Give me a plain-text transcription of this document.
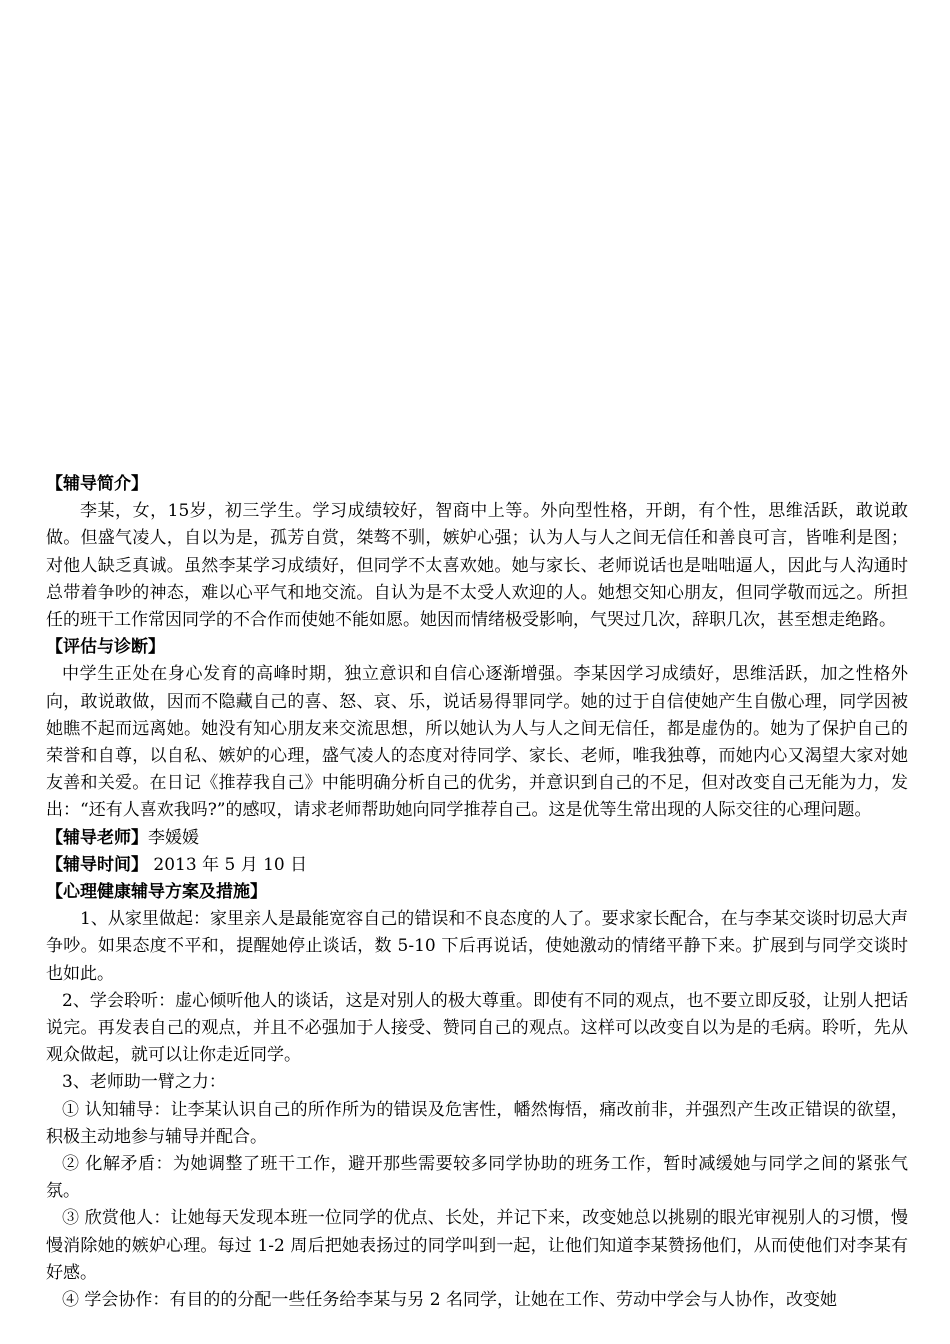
【辅导简介】

李某，女，15岁，初三学生。学习成绩较好，智商中上等。外向型性格，开朗，有个性，思维活跃，敢说敢做。但盛气凌人，自以为是，孤芳自赏，桀骜不驯，嫉妒心强；认为人与人之间无信任和善良可言，皆唯利是图；对他人缺乏真诚。虽然李某学习成绩好，但同学不太喜欢她。她与家长、老师说话也是咄咄逼人，因此与人沟通时总带着争吵的神态，难以心平气和地交流。自认为是不太受人欢迎的人。她想交知心朋友，但同学敬而远之。所担任的班干工作常因同学的不合作而使她不能如愿。她因而情绪极受影响，气哭过几次，辞职几次，甚至想走绝路。

【评估与诊断】

中学生正处在身心发育的高峰时期，独立意识和自信心逐渐增强。李某因学习成绩好，思维活跃，加之性格外向，敢说敢做，因而不隐藏自己的喜、怒、哀、乐，说话易得罪同学。她的过于自信使她产生自傲心理，同学因被她瞧不起而远离她。她没有知心朋友来交流思想，所以她认为人与人之间无信任，都是虚伪的。她为了保护自己的荣誉和自尊，以自私、嫉妒的心理，盛气凌人的态度对待同学、家长、老师，唯我独尊，而她内心又渴望大家对她友善和关爱。在日记《推荐我自己》中能明确分析自己的优劣，并意识到自己的不足，但对改变自己无能为力，发出：“还有人喜欢我吗?”的感叹，请求老师帮助她向同学推荐自己。这是优等生常出现的人际交往的心理问题。

【辅导老师】李媛媛

【辅导时间】 2013 年 5 月 10 日

【心理健康辅导方案及措施】

1、从家里做起：家里亲人是最能宽容自己的错误和不良态度的人了。要求家长配合，在与李某交谈时切忌大声争吵。如果态度不平和，提醒她停止谈话，数 5-10 下后再说话，使她激动的情绪平静下来。扩展到与同学交谈时也如此。

2、学会聆听：虚心倾听他人的谈话，这是对别人的极大尊重。即使有不同的观点，也不要立即反驳，让别人把话说完。再发表自己的观点，并且不必强加于人接受、赞同自己的观点。这样可以改变自以为是的毛病。聆听，先从观众做起，就可以让你走近同学。

3、老师助一臂之力：

① 认知辅导：让李某认识自己的所作所为的错误及危害性，幡然悔悟，痛改前非，并强烈产生改正错误的欲望，积极主动地参与辅导并配合。

② 化解矛盾：为她调整了班干工作，避开那些需要较多同学协助的班务工作，暂时减缓她与同学之间的紧张气氛。

③ 欣赏他人：让她每天发现本班一位同学的优点、长处，并记下来，改变她总以挑剔的眼光审视别人的习惯，慢慢消除她的嫉妒心理。每过 1-2 周后把她表扬过的同学叫到一起，让他们知道李某赞扬他们，从而使他们对李某有好感。

④ 学会协作：有目的的分配一些任务给李某与另 2 名同学，让她在工作、劳动中学会与人协作，改变她
